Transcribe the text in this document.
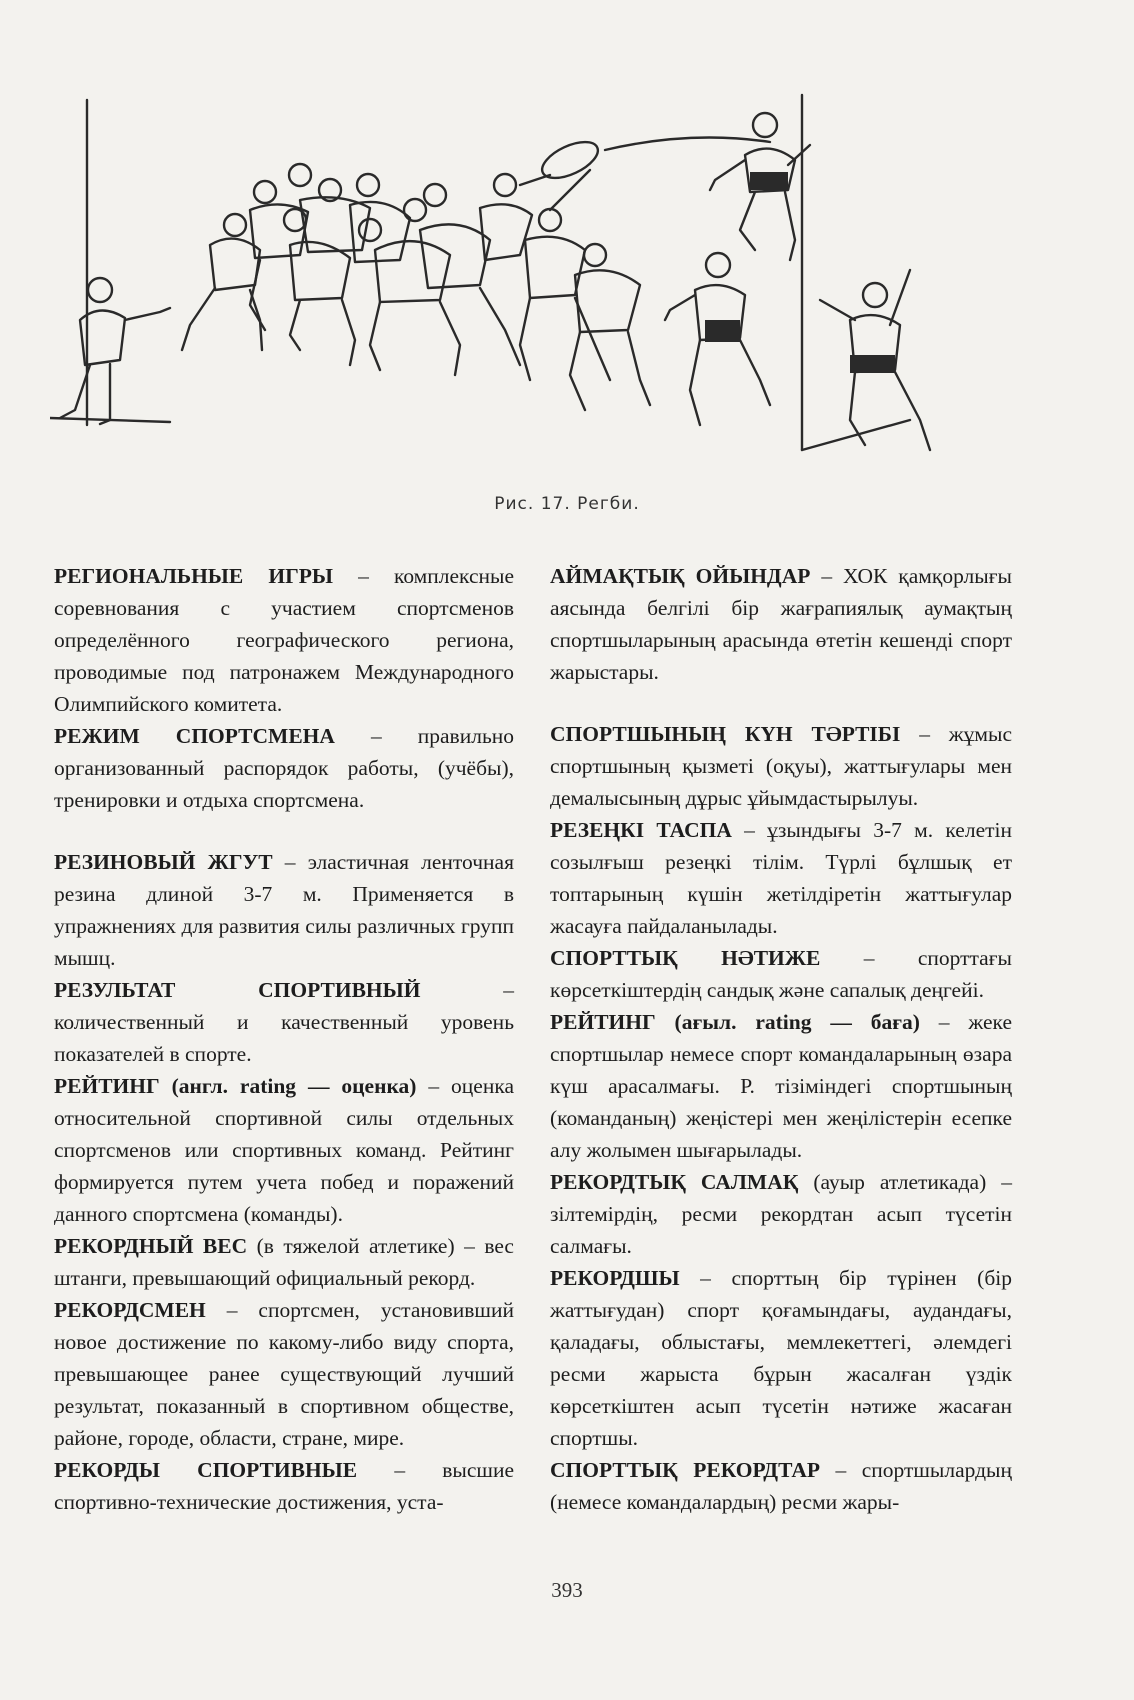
Рис. 17. Регби.

РЕГИОНАЛЬНЫЕ ИГРЫ – комплексные соревнования с участием спортсменов определённого географического региона, проводимые под патронажем Международного Олимпийского комитета.

РЕЖИМ СПОРТСМЕНА – правильно организованный распорядок работы, (учёбы), тренировки и отдыха спортсмена.

РЕЗИНОВЫЙ ЖГУТ – эластичная ленточная резина длиной 3-7 м. Применяется в упражнениях для развития силы различных групп мышц.

РЕЗУЛЬТАТ СПОРТИВНЫЙ – количественный и качественный уровень показателей в спорте.

РЕЙТИНГ (англ. rating — оценка) – оценка относительной спортивной силы отдельных спортсменов или спортивных команд. Рейтинг формируется путем учета побед и поражений данного спортсмена (команды).

РЕКОРДНЫЙ ВЕС (в тяжелой атлетике) – вес штанги, превышающий официальный рекорд.

РЕКОРДСМЕН – спортсмен, установивший новое достижение по какому-либо виду спорта, превышающее ранее существующий лучший результат, показанный в спортивном обществе, районе, городе, области, стране, мире.

РЕКОРДЫ СПОРТИВНЫЕ – высшие спортивно-технические достижения, уста-

АЙМАҚТЫҚ ОЙЫНДАР – ХОК қамқорлығы аясында белгілі бір жағрапиялық аумақтың спортшыларының арасында өтетін кешенді спорт жарыстары.

СПОРТШЫНЫҢ КҮН ТӘРТІБІ – жұмыс спортшының қызметі (оқуы), жаттығулары мен демалысының дұрыс ұйымдастырылуы.

РЕЗЕҢКІ ТАСПА – ұзындығы 3-7 м. келетін созылғыш резеңкі тілім. Түрлі бұлшық ет топтарының күшін жетілдіретін жаттығулар жасауға пайдаланылады.

СПОРТТЫҚ НӘТИЖЕ – спорттағы көрсеткіштердің сандық және сапалық деңгейі.

РЕЙТИНГ (ағыл. rating — баға) – жеке спортшылар немесе спорт командаларының өзара күш арасалмағы. Р. тізіміндегі спортшының (команданың) жеңістері мен жеңілістерін есепке алу жолымен шығарылады.

РЕКОРДТЫҚ САЛМАҚ (ауыр атлетикада) – зілтемірдің, ресми рекордтан асып түсетін салмағы.

РЕКОРДШЫ – спорттың бір түрінен (бір жаттығудан) спорт қоғамындағы, аудандағы, қаладағы, облыстағы, мемлекеттегі, әлемдегі ресми жарыста бұрын жасалған үздік көрсеткіштен асып түсетін нәтиже жасаған спортшы.

СПОРТТЫҚ РЕКОРДТАР – спортшылардың (немесе командалардың) ресми жары-

393
